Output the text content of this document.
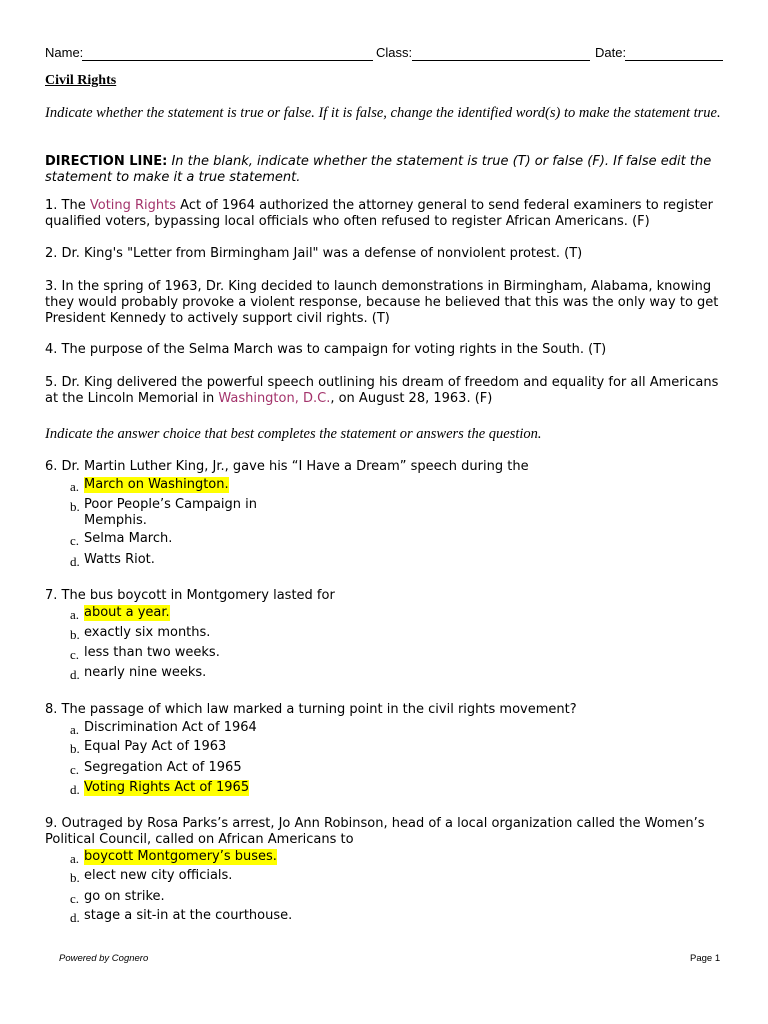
Name:	Class:	Date:
Civil Rights
Indicate whether the statement is true or false. If it is false, change the identified word(s) to make the statement true.
DIRECTION LINE: In the blank, indicate whether the statement is true (T) or false (F). If false edit the statement to make it a true statement.
1. The Voting Rights Act of 1964 authorized the attorney general to send federal examiners to register qualified voters, bypassing local officials who often refused to register African Americans. (F)
2. Dr. King's "Letter from Birmingham Jail" was a defense of nonviolent protest. (T)
3. In the spring of 1963, Dr. King decided to launch demonstrations in Birmingham, Alabama, knowing they would probably provoke a violent response, because he believed that this was the only way to get President Kennedy to actively support civil rights. (T)
4. The purpose of the Selma March was to campaign for voting rights in the South. (T)
5. Dr. King delivered the powerful speech outlining his dream of freedom and equality for all Americans at the Lincoln Memorial in Washington, D.C., on August 28, 1963. (F)
Indicate the answer choice that best completes the statement or answers the question.
6. Dr. Martin Luther King, Jr., gave his “I Have a Dream” speech during the
a. March on Washington.
b. Poor People’s Campaign in
Memphis.
c. Selma March.
d. Watts Riot.
7. The bus boycott in Montgomery lasted for
a. about a year.
b. exactly six months.
c. less than two weeks.
d. nearly nine weeks.
8. The passage of which law marked a turning point in the civil rights movement?
a. Discrimination Act of 1964
b. Equal Pay Act of 1963
c. Segregation Act of 1965
d. Voting Rights Act of 1965
9. Outraged by Rosa Parks’s arrest, Jo Ann Robinson, head of a local organization called the Women’s Political Council, called on African Americans to
a. boycott Montgomery’s buses.
b. elect new city officials.
c. go on strike.
d. stage a sit-in at the courthouse.
Powered by Cognero	Page 1
